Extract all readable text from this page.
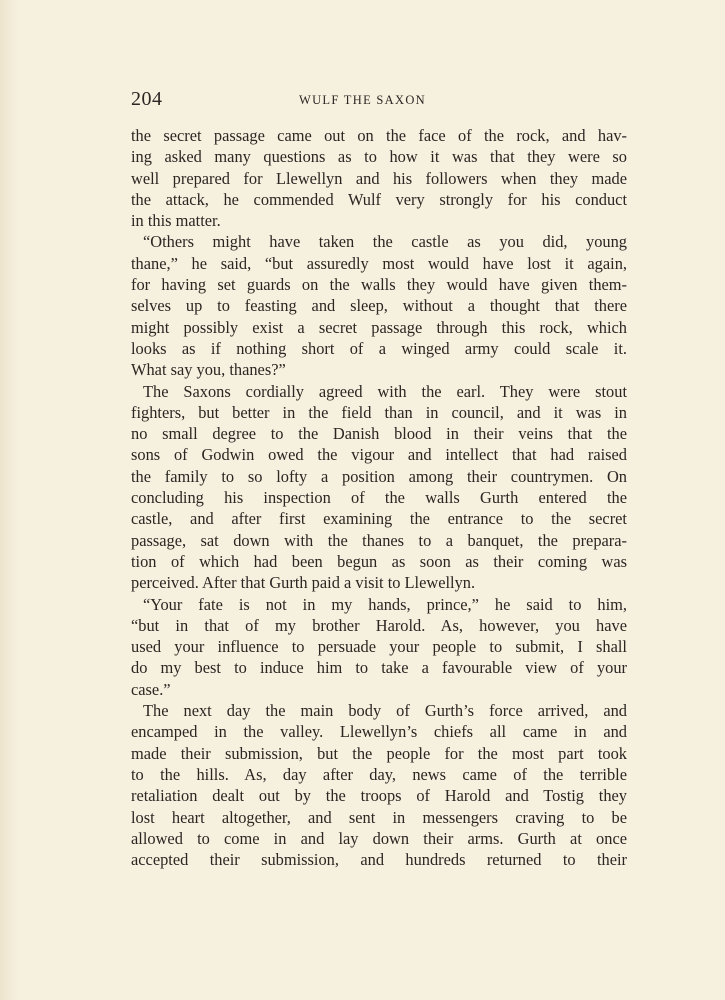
204	WULF THE SAXON
the secret passage came out on the face of the rock, and hav-
ing asked many questions as to how it was that they were so
well prepared for Llewellyn and his followers when they made
the attack, he commended Wulf very strongly for his conduct
in this matter.
“Others might have taken the castle as you did, young
thane,” he said, “but assuredly most would have lost it again,
for having set guards on the walls they would have given them-
selves up to feasting and sleep, without a thought that there
might possibly exist a secret passage through this rock, which
looks as if nothing short of a winged army could scale it.
What say you, thanes?”
The Saxons cordially agreed with the earl. They were stout
fighters, but better in the field than in council, and it was in
no small degree to the Danish blood in their veins that the
sons of Godwin owed the vigour and intellect that had raised
the family to so lofty a position among their countrymen. On
concluding his inspection of the walls Gurth entered the
castle, and after first examining the entrance to the secret
passage, sat down with the thanes to a banquet, the prepara-
tion of which had been begun as soon as their coming was
perceived. After that Gurth paid a visit to Llewellyn.
“Your fate is not in my hands, prince,” he said to him,
“but in that of my brother Harold. As, however, you have
used your influence to persuade your people to submit, I shall
do my best to induce him to take a favourable view of your
case.”
The next day the main body of Gurth’s force arrived, and
encamped in the valley. Llewellyn’s chiefs all came in and
made their submission, but the people for the most part took
to the hills. As, day after day, news came of the terrible
retaliation dealt out by the troops of Harold and Tostig they
lost heart altogether, and sent in messengers craving to be
allowed to come in and lay down their arms. Gurth at once
accepted their submission, and hundreds returned to their
